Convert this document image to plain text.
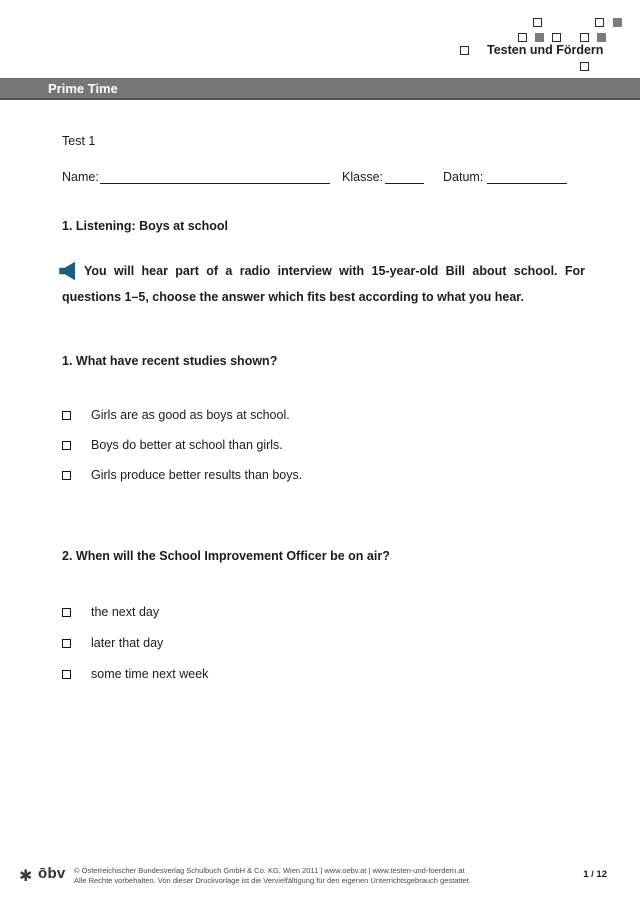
Testen und Fördern
Prime Time
Test 1
Name:	Klasse:	Datum:
1. Listening: Boys at school
You will hear part of a radio interview with 15-year-old Bill about school. For questions 1–5, choose the answer which fits best according to what you hear.
1. What have recent studies shown?
Girls are as good as boys at school.
Boys do better at school than girls.
Girls produce better results than boys.
2. When will the School Improvement Officer be on air?
the next day
later that day
some time next week
✱ ōbv © Österreichischer Bundesverlag Schulbuch GmbH & Co. KG, Wien 2011 | www.oebv.at | www.testen-und-foerdern.at
Alle Rechte vorbehalten. Von dieser Druckvorlage ist die Vervielfältigung für den eigenen Unterrichtsgebrauch gestattet.
1 / 12
